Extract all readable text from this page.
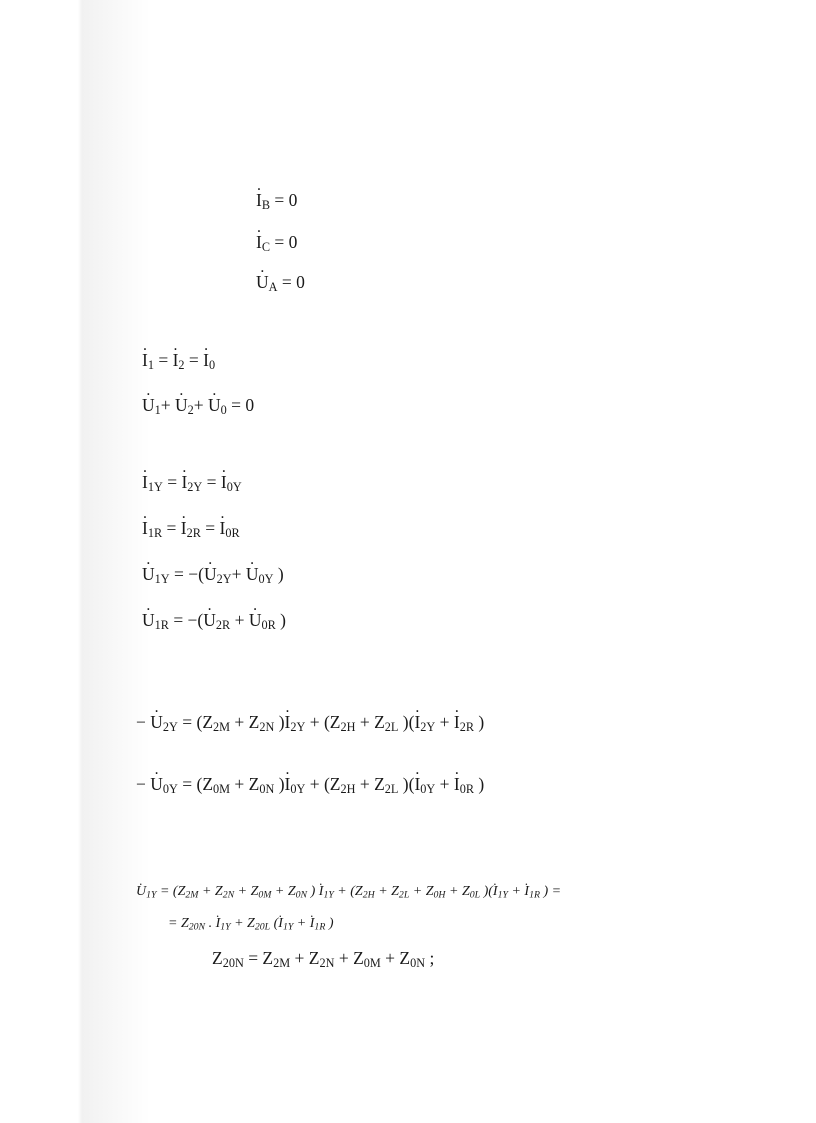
. $I_B = 0$
. $I_C = 0$
. $U_A = 0$
. $I_1$ = . $I_2$ = . $I_0$
. $U_1+$ . $U_2+$ . $U_0 = 0$
. $I_{1Y}$ = . $I_{2Y}$ = . $I_{0Y}$
. $I_{1R}$ = . $I_{2R}$ = . $I_{0R}$
. $U_{1Y}$ = −(. $U_{2Y}+$ . $U_{0Y}$ )
. $U_{1R}$ = −(. $U_{2R}$ + . $U_{0R}$ )
− . $U_{2Y} = (Z_{2M} + Z_{2N}$ ). $I_{2Y} + (Z_{2H} + Z_{2L}$ )(. $I_{2Y}$ + . $I_{2R}$ )
− . $U_{0Y} = (Z_{0M} + Z_{0N}$ ). $I_{0Y} + (Z_{2H} + Z_{2L}$ )(. $I_{0Y}$ + . $I_{0R}$ )
. $U_{1Y} = (Z_{2M} + Z_{2N} + Z_{0M} + Z_{0N}$ ) . $I_{1Y} + (Z_{2H} + Z_{2L} + Z_{0H} + Z_{0L}$ )(. $I_{1Y}$ + . $I_{1R}$ ) =
= $Z_{20N}$ . . $I_{1Y} + Z_{20L}$ (. $I_{1Y}$ + . $I_{1R}$ )
$Z_{20N} = Z_{2M} + Z_{2N} + Z_{0M} + Z_{0N}$ ;
